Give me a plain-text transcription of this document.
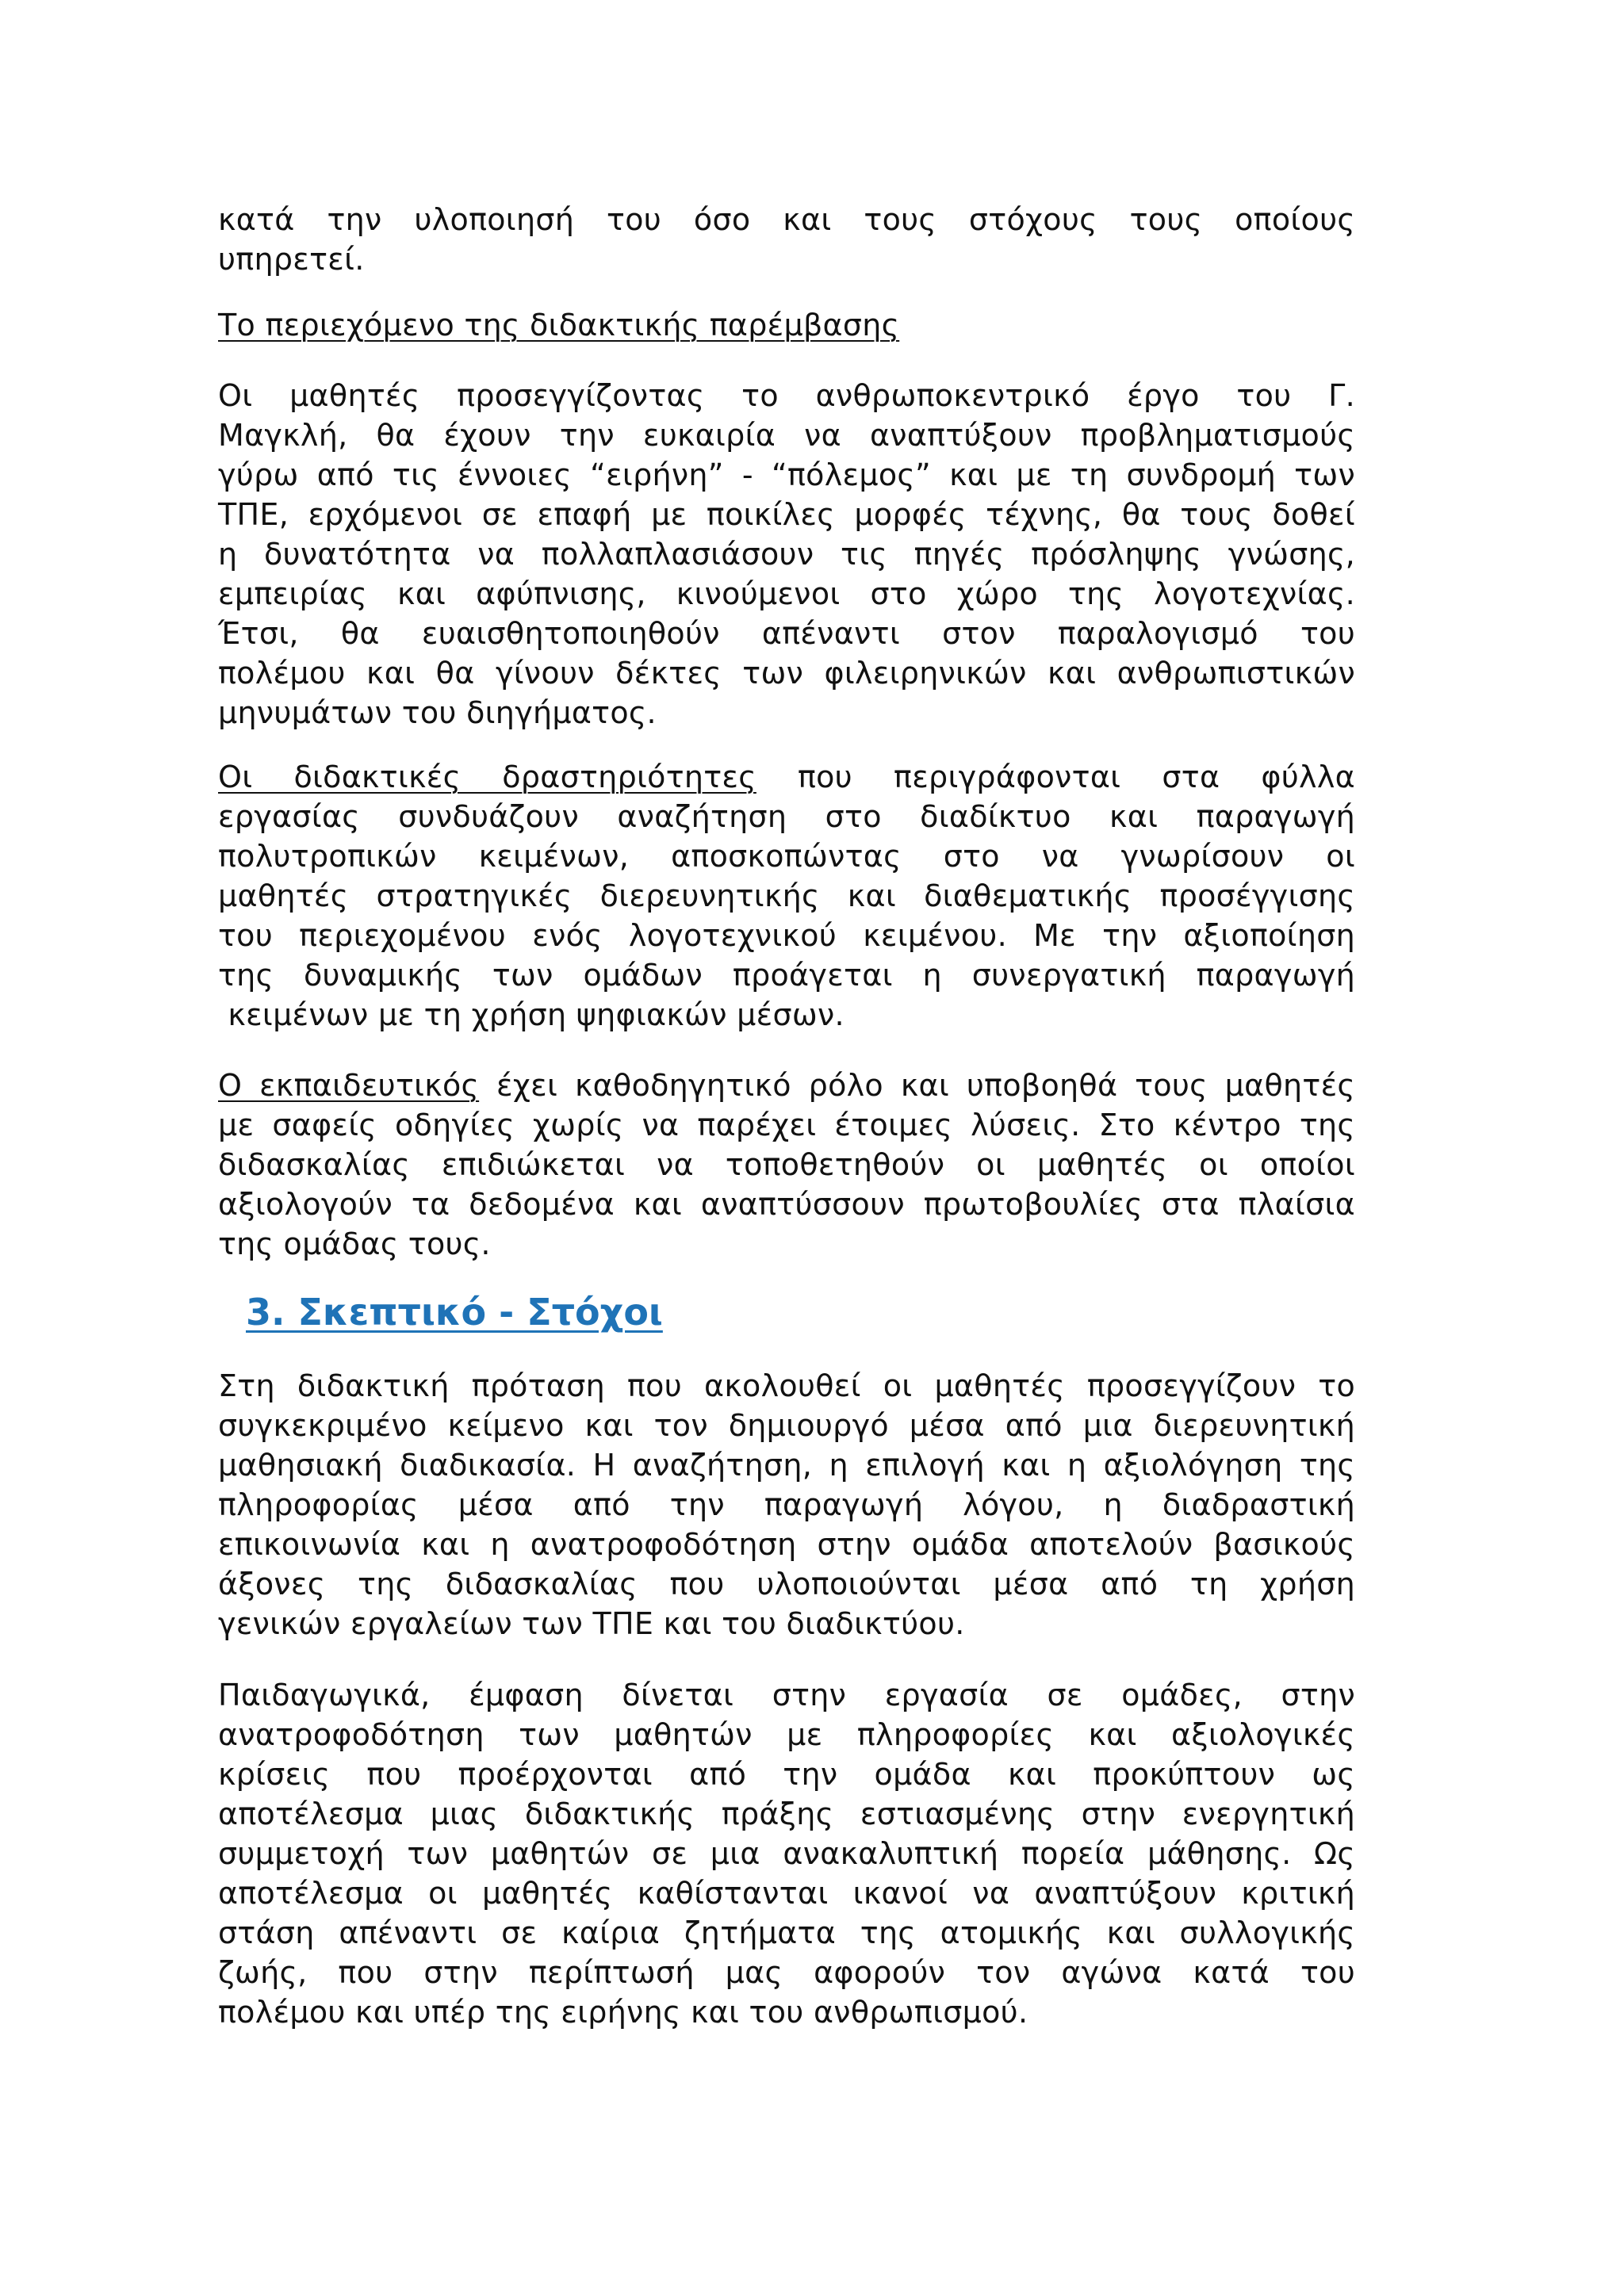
κατά την υλοποιησή του όσο και τους στόχους τους οποίους
υπηρετεί.
Το περιεχόμενο της διδακτικής παρέμβασης
Οι μαθητές προσεγγίζοντας το ανθρωποκεντρικό έργο του Γ.
Μαγκλή, θα έχουν την ευκαιρία να αναπτύξουν προβληματισμούς
γύρω από τις έννοιες “ειρήνη” - “πόλεμος” και με τη συνδρομή των
ΤΠΕ, ερχόμενοι σε επαφή με ποικίλες μορφές τέχνης, θα τους δοθεί
η δυνατότητα να πολλαπλασιάσουν τις πηγές πρόσληψης γνώσης,
εμπειρίας και αφύπνισης, κινούμενοι στο χώρο της λογοτεχνίας.
Έτσι, θα ευαισθητοποιηθούν απέναντι στον παραλογισμό του
πολέμου και θα γίνουν δέκτες των φιλειρηνικών και ανθρωπιστικών
μηνυμάτων του διηγήματος.
Οι διδακτικές δραστηριότητες που περιγράφονται στα φύλλα
εργασίας συνδυάζουν αναζήτηση στο διαδίκτυο και παραγωγή
πολυτροπικών κειμένων, αποσκοπώντας στο να γνωρίσουν οι
μαθητές στρατηγικές διερευνητικής και διαθεματικής προσέγγισης
του περιεχομένου ενός λογοτεχνικού κειμένου. Με την αξιοποίηση
της δυναμικής των ομάδων προάγεται η συνεργατική παραγωγή
κειμένων με τη χρήση ψηφιακών μέσων.
Ο εκπαιδευτικός έχει καθοδηγητικό ρόλο και υποβοηθά τους μαθητές
με σαφείς οδηγίες χωρίς να παρέχει έτοιμες λύσεις. Στο κέντρο της
διδασκαλίας επιδιώκεται να τοποθετηθούν οι μαθητές οι οποίοι
αξιολογούν τα δεδομένα και αναπτύσσουν πρωτοβουλίες στα πλαίσια
της ομάδας τους.
3. Σκεπτικό - Στόχοι
Στη διδακτική πρόταση που ακολουθεί οι μαθητές προσεγγίζουν το
συγκεκριμένο κείμενο και τον δημιουργό μέσα από μια διερευνητική
μαθησιακή διαδικασία. Η αναζήτηση, η επιλογή και η αξιολόγηση της
πληροφορίας μέσα από την παραγωγή λόγου, η διαδραστική
επικοινωνία και η ανατροφοδότηση στην ομάδα αποτελούν βασικούς
άξονες της διδασκαλίας που υλοποιούνται μέσα από τη χρήση
γενικών εργαλείων των ΤΠΕ και του διαδικτύου.
Παιδαγωγικά, έμφαση δίνεται στην εργασία σε ομάδες, στην
ανατροφοδότηση των μαθητών με πληροφορίες και αξιολογικές
κρίσεις που προέρχονται από την ομάδα και προκύπτουν ως
αποτέλεσμα μιας διδακτικής πράξης εστιασμένης στην ενεργητική
συμμετοχή των μαθητών σε μια ανακαλυπτική πορεία μάθησης. Ως
αποτέλεσμα οι μαθητές καθίστανται ικανοί να αναπτύξουν κριτική
στάση απέναντι σε καίρια ζητήματα της ατομικής και συλλογικής
ζωής, που στην περίπτωσή μας αφορούν τον αγώνα κατά του
πολέμου και υπέρ της ειρήνης και του ανθρωπισμού.
